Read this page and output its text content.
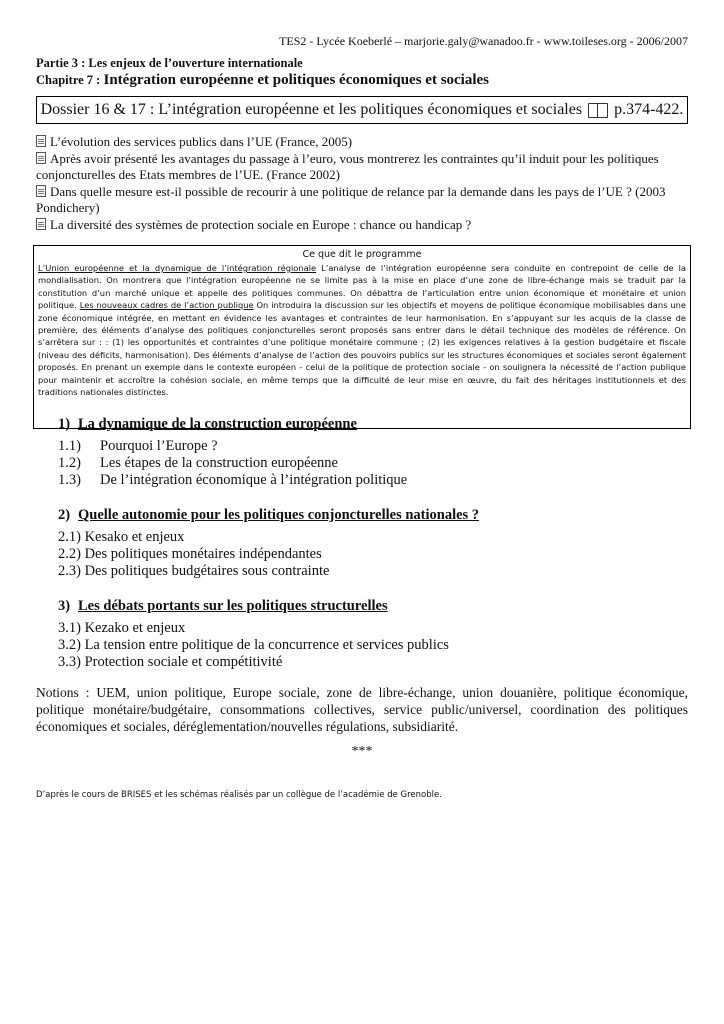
TES2 - Lycée Koeberlé – marjorie.galy@wanadoo.fr - www.toileses.org - 2006/2007
Partie 3 : Les enjeux de l’ouverture internationale
Chapitre 7 : Intégration européenne et politiques économiques et sociales
Dossier 16 & 17 : L’intégration européenne et les politiques économiques et sociales p.374-422.

L’évolution des services publics dans l’UE (France, 2005)

Après avoir présenté les avantages du passage à l’euro, vous montrerez les contraintes qu’il induit pour les politiques conjoncturelles des Etats membres de l’UE. (France 2002)

Dans quelle mesure est-il possible de recourir à une politique de relance par la demande dans les pays de l’UE ? (2003 Pondichery)

La diversité des systèmes de protection sociale en Europe : chance ou handicap ?

Ce que dit le programme
L’Union européenne et la dynamique de l’intégration régionale L’analyse de l’intégration européenne sera conduite en contrepoint de celle de la mondialisation. On montrera que l’intégration européenne ne se limite pas à la mise en place d’une zone de libre-échange mais se traduit par la constitution d’un marché unique et appelle des politiques communes. On débattra de l’articulation entre union économique et monétaire et union politique. Les nouveaux cadres de l’action publique On introduira la discussion sur les objectifs et moyens de politique économique mobilisables dans une zone économique intégrée, en mettant en évidence les avantages et contraintes de leur harmonisation. En s’appuyant sur les acquis de la classe de première, des éléments d’analyse des politiques conjoncturelles seront proposés sans entrer dans le détail technique des modèles de référence. On s’arrêtera sur : : (1) les opportunités et contraintes d’une politique monétaire commune ; (2) les exigences relatives à la gestion budgétaire et fiscale (niveau des déficits, harmonisation). Des éléments d’analyse de l’action des pouvoirs publics sur les structures économiques et sociales seront également proposés. En prenant un exemple dans le contexte européen - celui de la politique de protection sociale - on soulignera la nécessité de l’action publique pour maintenir et accroître la cohésion sociale, en même temps que la difficulté de leur mise en œuvre, du fait des héritages institutionnels et des traditions nationales distinctes.
1) La dynamique de la construction européenne

1.1) Pourquoi l’Europe ?

1.2) Les étapes de la construction européenne

1.3) De l’intégration économique à l’intégration politique

2) Quelle autonomie pour les politiques conjoncturelles nationales ?

2.1) Kesako et enjeux

2.2) Des politiques monétaires indépendantes

2.3) Des politiques budgétaires sous contrainte

3) Les débats portants sur les politiques structurelles

3.1) Kezako et enjeux

3.2) La tension entre politique de la concurrence et services publics

3.3) Protection sociale et compétitivité

Notions : UEM, union politique, Europe sociale, zone de libre-échange, union douanière, politique économique, politique monétaire/budgétaire, consommations collectives, service public/universel, coordination des politiques économiques et sociales, déréglementation/nouvelles régulations, subsidiarité.
***
D’après le cours de BRISES et les schémas réalisés par un collègue de l’académie de Grenoble.
